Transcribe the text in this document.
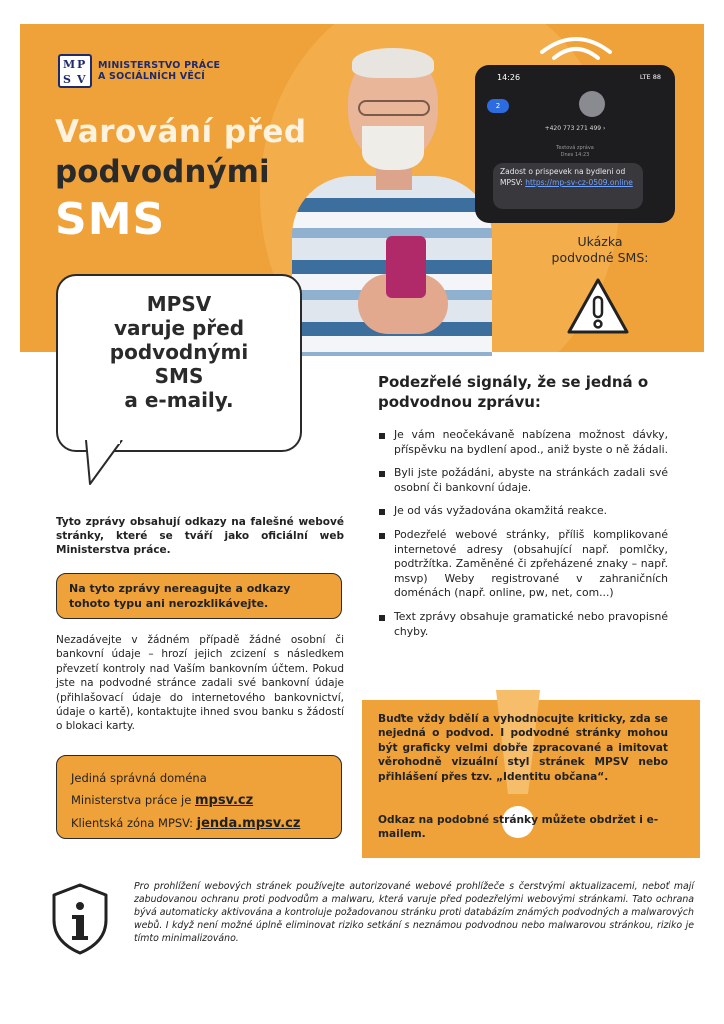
M P
S V
MINISTERSTVO PRÁCE
A SOCIÁLNÍCH VĚCÍ
Varování před
podvodnými
SMS
14:26	LTE 88
2
+420 773 271 499 ›
Textová zpráva
Dnes 14:23
Zadost o prispevek na bydleni od MPSV: https://mp-sv-cz-0509.online
Ukázka
podvodné SMS:
MPSV
varuje před
podvodnými
SMS
a e-maily.
Tyto zprávy obsahují odkazy na falešné webové stránky, které se tváří jako oficiální web Ministerstva práce.
Na tyto zprávy nereagujte a odkazy tohoto typu ani nerozklikávejte.
Nezadávejte v žádném případě žádné osobní či bankovní údaje – hrozí jejich zcizení s následkem převzetí kontroly nad Vaším bankovním účtem. Pokud jste na podvodné stránce zadali své bankovní údaje (přihlašovací údaje do internetového bankovnictví, údaje o kartě), kontaktujte ihned svou banku s žádostí o blokaci karty.
Jediná správná doména
Ministerstva práce je mpsv.cz
Klientská zóna MPSV: jenda.mpsv.cz
Podezřelé signály, že se jedná o podvodnou zprávu:
Je vám neočekávaně nabízena možnost dávky, příspěvku na bydlení apod., aniž byste o ně žádali.
Byli jste požádáni, abyste na stránkách zadali své osobní či bankovní údaje.
Je od vás vyžadována okamžitá reakce.
Podezřelé webové stránky, příliš komplikované internetové adresy (obsahující např. pomlčky, podtržítka. Zaměněné či zpřeházené znaky – např. msvp) Weby registrované v zahraničních doménách (např. online, pw, net, com...)
Text zprávy obsahuje gramatické nebo pravopisné chyby.
Buďte vždy bdělí a vyhodnocujte kriticky, zda se nejedná o podvod. I podvodné stránky mohou být graficky velmi dobře zpracované a imitovat věrohodně vizuální styl stránek MPSV nebo přihlášení přes tzv. „Identitu občana“.
Odkaz na podobné stránky můžete obdržet i e-mailem.
Pro prohlížení webových stránek používejte autorizované webové prohlížeče s čerstvými aktualizacemi, neboť mají zabudovanou ochranu proti podvodům a malwaru, která varuje před podezřelými webovými stránkami. Tato ochrana bývá automaticky aktivována a kontroluje požadovanou stránku proti databázím známých podvodných a malwarových webů. I když není možné úplně eliminovat riziko setkání s neznámou podvodnou nebo malwarovou stránkou, riziko je tímto minimalizováno.
